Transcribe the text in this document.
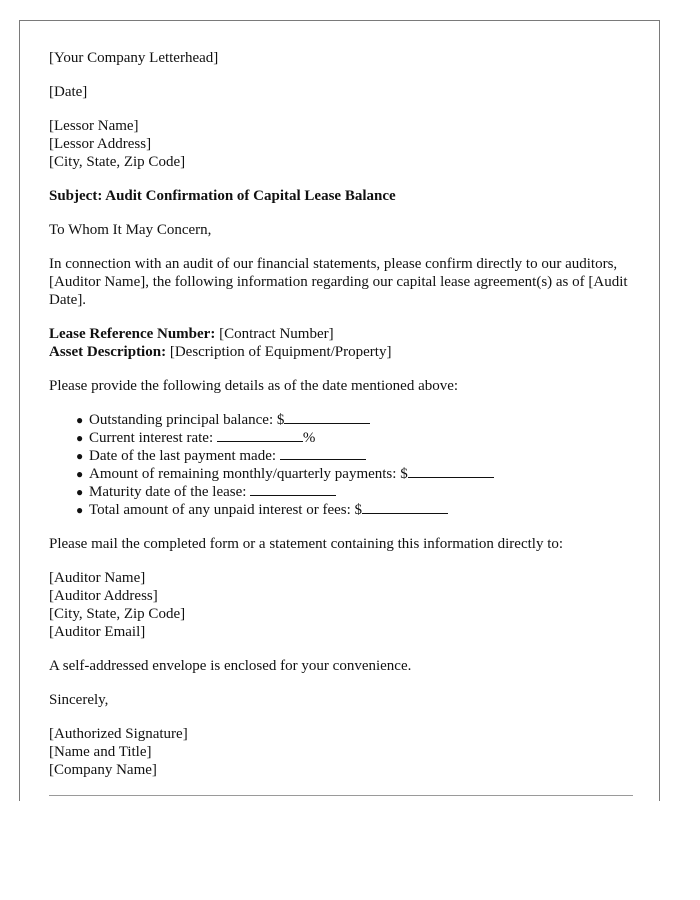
[Your Company Letterhead]
[Date]
[Lessor Name]
[Lessor Address]
[City, State, Zip Code]
Subject: Audit Confirmation of Capital Lease Balance
To Whom It May Concern,
In connection with an audit of our financial statements, please confirm directly to our auditors, [Auditor Name], the following information regarding our capital lease agreement(s) as of [Audit Date].
Lease Reference Number: [Contract Number]
Asset Description: [Description of Equipment/Property]
Please provide the following details as of the date mentioned above:
● Outstanding principal balance: $
● Current interest rate:	%
● Date of the last payment made:
● Amount of remaining monthly/quarterly payments: $
● Maturity date of the lease:
● Total amount of any unpaid interest or fees: $
Please mail the completed form or a statement containing this information directly to:
[Auditor Name]
[Auditor Address]
[City, State, Zip Code]
[Auditor Email]
A self-addressed envelope is enclosed for your convenience.
Sincerely,
[Authorized Signature]
[Name and Title]
[Company Name]
